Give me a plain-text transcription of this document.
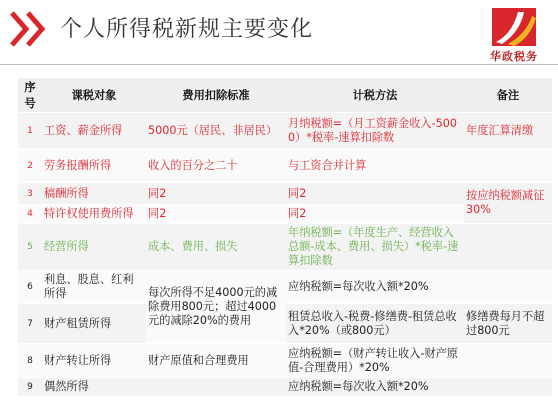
个人所得税新规主要变化
华政税务
序号	课税对象	费用扣除标准	计税方法	备注
1	工资、薪金所得	5000元（居民、非居民）	月纳税额=（月工资薪金收入-5000）*税率-速算扣除数	年度汇算清缴
2	劳务报酬所得	收入的百分之二十	与工资合并计算	
3	稿酬所得	同2	同2	按应纳税额减征30%
4	特许权使用费所得	同2	同2	
5	经营所得	成本、费用、损失	年纳税额=（年度生产、经营收入总额-成本、费用、损失）*税率-速算扣除数	
6	利息、股息、红利所得	每次所得不足4000元的减除费用800元；超过4000元的减除20%的费用	应纳税额=每次收入额*20%	
7	财产租赁所得		租赁总收入-税费-修缮费-租赁总收入*20%（或800元）	修缮费每月不超过800元
8	财产转让所得	财产原值和合理费用	应纳税额=（财产转让收入-财产原值-合理费用）*20%	
9	偶然所得		应纳税额=每次收入额*20%	
